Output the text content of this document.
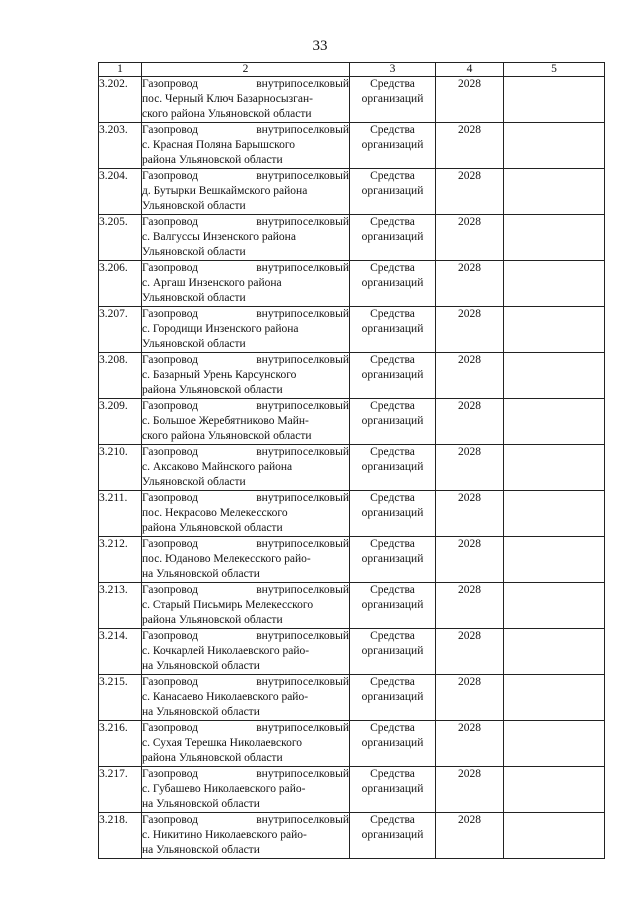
33
1	2	3	4	5
3.202.	Газопровод внутрипоселковый
пос. Черный Ключ Базарносызган-
ского района Ульяновской области	Средства
организаций	2028	
3.203.	Газопровод внутрипоселковый
с. Красная Поляна Барышского
района Ульяновской области	Средства
организаций	2028	
3.204.	Газопровод внутрипоселковый
д. Бутырки Вешкаймского района
Ульяновской области	Средства
организаций	2028	
3.205.	Газопровод внутрипоселковый
с. Валгуссы Инзенского района
Ульяновской области	Средства
организаций	2028	
3.206.	Газопровод внутрипоселковый
с. Аргаш Инзенского района
Ульяновской области	Средства
организаций	2028	
3.207.	Газопровод внутрипоселковый
с. Городищи Инзенского района
Ульяновской области	Средства
организаций	2028	
3.208.	Газопровод внутрипоселковый
с. Базарный Урень Карсунского
района Ульяновской области	Средства
организаций	2028	
3.209.	Газопровод внутрипоселковый
с. Большое Жеребятниково Майн-
ского района Ульяновской области	Средства
организаций	2028	
3.210.	Газопровод внутрипоселковый
с. Аксаково Майнского района
Ульяновской области	Средства
организаций	2028	
3.211.	Газопровод внутрипоселковый
пос. Некрасово Мелекесского
района Ульяновской области	Средства
организаций	2028	
3.212.	Газопровод внутрипоселковый
пос. Юданово Мелекесского райо-
на Ульяновской области	Средства
организаций	2028	
3.213.	Газопровод внутрипоселковый
с. Старый Письмирь Мелекесского
района Ульяновской области	Средства
организаций	2028	
3.214.	Газопровод внутрипоселковый
с. Кочкарлей Николаевского райо-
на Ульяновской области	Средства
организаций	2028	
3.215.	Газопровод внутрипоселковый
с. Канасаево Николаевского райо-
на Ульяновской области	Средства
организаций	2028	
3.216.	Газопровод внутрипоселковый
с. Сухая Терешка Николаевского
района Ульяновской области	Средства
организаций	2028	
3.217.	Газопровод внутрипоселковый
с. Губашево Николаевского райо-
на Ульяновской области	Средства
организаций	2028	
3.218.	Газопровод внутрипоселковый
с. Никитино Николаевского райо-
на Ульяновской области	Средства
организаций	2028	
